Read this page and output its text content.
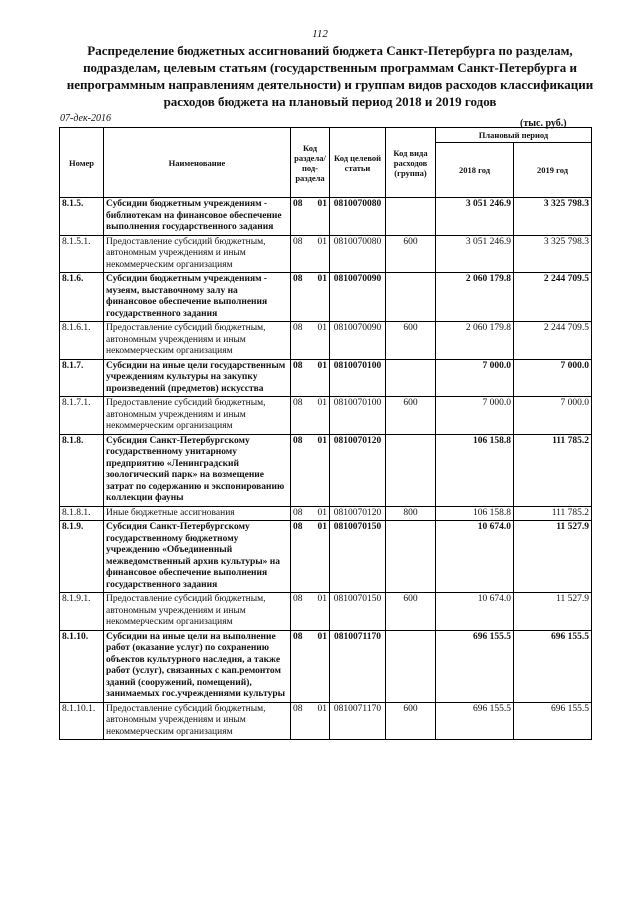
112
Распределение бюджетных ассигнований бюджета Санкт-Петербурга по разделам, подразделам, целевым статьям (государственным программам Санкт-Петербурга и непрограммным направлениям деятельности) и группам видов расходов классификации расходов бюджета на плановый период 2018 и 2019 годов
07-дек-2016	(тыс. руб.)
Номер	Наименование	Код раздела/ под-раздела	Код целевой статьи	Код вида расходов (группа)	Плановый период	
					2018 год	2019 год
8.1.5.	Субсидии бюджетным учреждениям - библиотекам на финансовое обеспечение выполнения государственного задания	08 01	0810070080		3 051 246.9	3 325 798.3
8.1.5.1.	Предоставление субсидий бюджетным, автономным учреждениям и иным некоммерческим организациям	08 01	0810070080	600	3 051 246.9	3 325 798.3
8.1.6.	Субсидии бюджетным учреждениям - музеям, выставочному залу на финансовое обеспечение выполнения государственного задания	08 01	0810070090		2 060 179.8	2 244 709.5
8.1.6.1.	Предоставление субсидий бюджетным, автономным учреждениям и иным некоммерческим организациям	08 01	0810070090	600	2 060 179.8	2 244 709.5
8.1.7.	Субсидии на иные цели государственным учреждениям культуры на закупку произведений (предметов) искусства	08 01	0810070100		7 000.0	7 000.0
8.1.7.1.	Предоставление субсидий бюджетным, автономным учреждениям и иным некоммерческим организациям	08 01	0810070100	600	7 000.0	7 000.0
8.1.8.	Субсидия Санкт-Петербургскому государственному унитарному предприятию «Ленинградский зоологический парк» на возмещение затрат по содержанию и экспонированию коллекции фауны	08 01	0810070120		106 158.8	111 785.2
8.1.8.1.	Иные бюджетные ассигнования	08 01	0810070120	800	106 158.8	111 785.2
8.1.9.	Субсидия Санкт-Петербургскому государственному бюджетному учреждению «Объединенный межведомственный архив культуры» на финансовое обеспечение выполнения государственного задания	08 01	0810070150		10 674.0	11 527.9
8.1.9.1.	Предоставление субсидий бюджетным, автономным учреждениям и иным некоммерческим организациям	08 01	0810070150	600	10 674.0	11 527.9
8.1.10.	Субсидии на иные цели на выполнение работ (оказание услуг) по сохранению объектов культурного наследия, а также работ (услуг), связанных с кап.ремонтом зданий (сооружений, помещений), занимаемых гос.учреждениями культуры	08 01	0810071170		696 155.5	696 155.5
8.1.10.1.	Предоставление субсидий бюджетным, автономным учреждениям и иным некоммерческим организациям	08 01	0810071170	600	696 155.5	696 155.5
